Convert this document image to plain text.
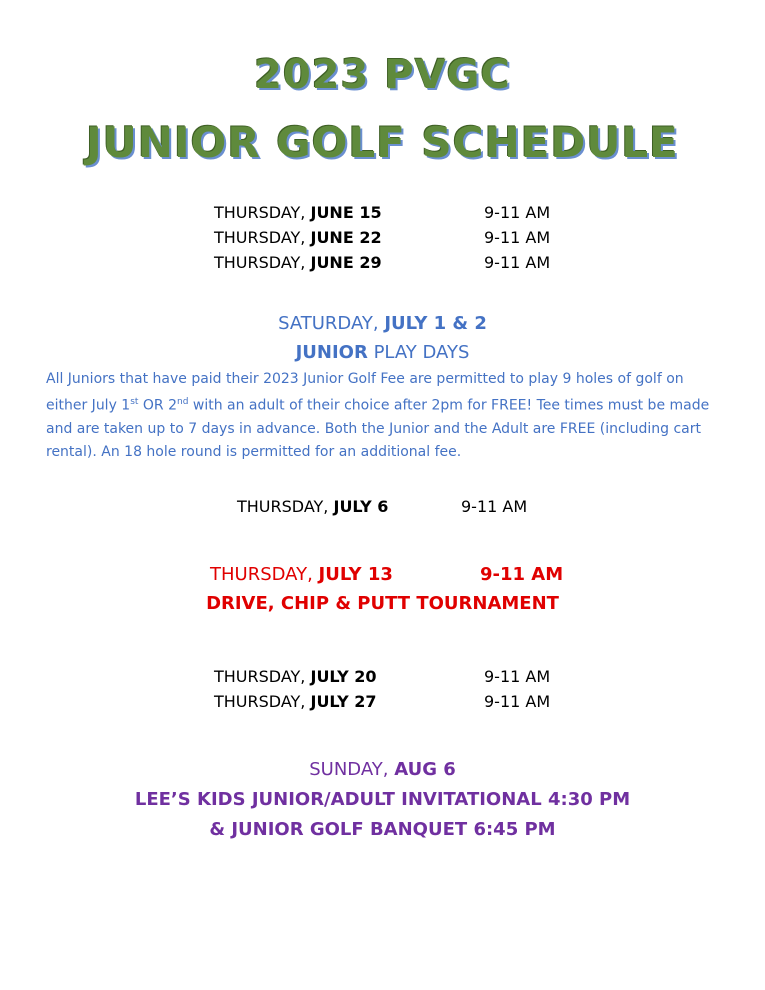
2023 PVGC
JUNIOR GOLF SCHEDULE
THURSDAY, JUNE 15	9-11 AM
THURSDAY, JUNE 22	9-11 AM
THURSDAY, JUNE 29	9-11 AM
SATURDAY, JULY 1 & 2
JUNIOR PLAY DAYS
All Juniors that have paid their 2023 Junior Golf Fee are permitted to play 9 holes of golf on either July 1st OR 2nd with an adult of their choice after 2pm for FREE! Tee times must be made and are taken up to 7 days in advance. Both the Junior and the Adult are FREE (including cart rental). An 18 hole round is permitted for an additional fee.
THURSDAY, JULY 6	9-11 AM
THURSDAY, JULY 13	9-11 AM
DRIVE, CHIP & PUTT TOURNAMENT
THURSDAY, JULY 20	9-11 AM
THURSDAY, JULY 27	9-11 AM
SUNDAY, AUG 6
LEE’S KIDS JUNIOR/ADULT INVITATIONAL 4:30 PM
& JUNIOR GOLF BANQUET 6:45 PM
